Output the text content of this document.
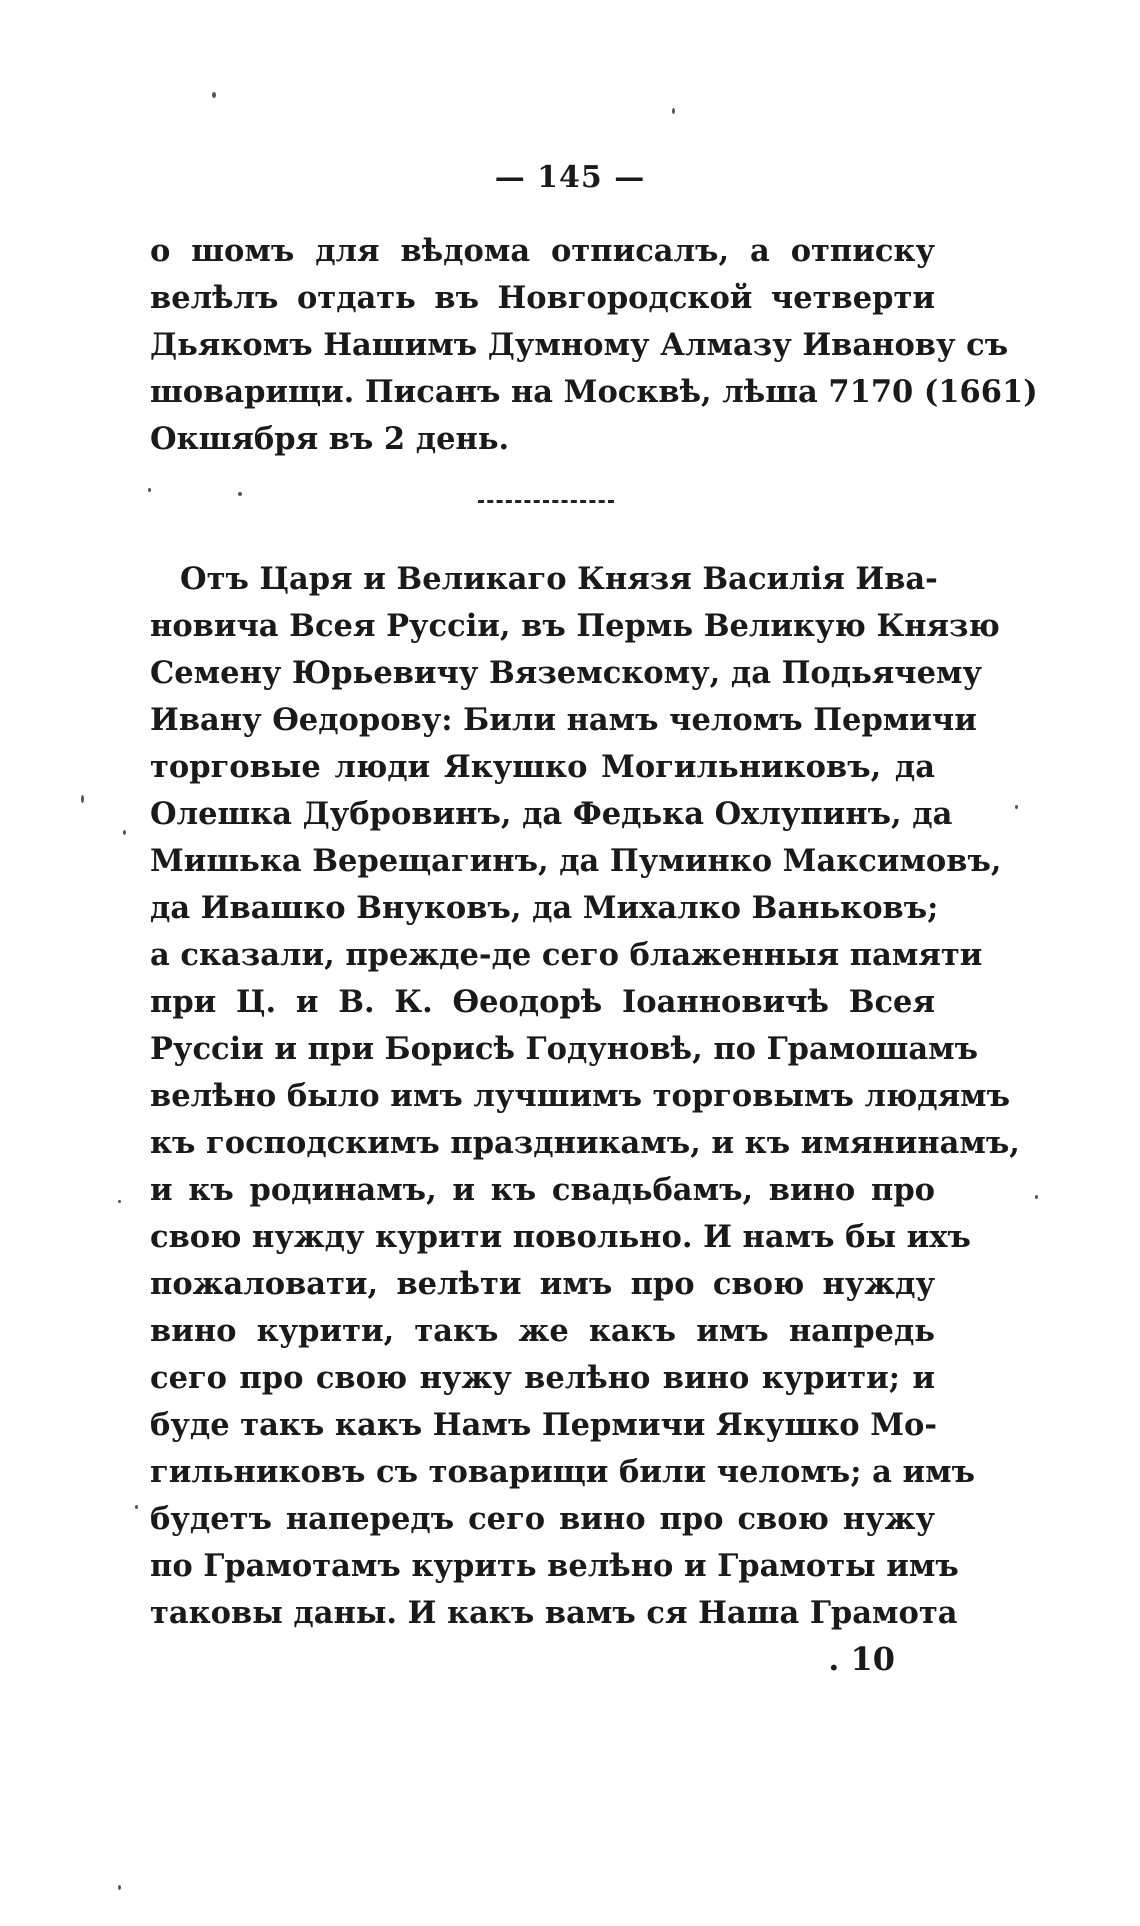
— 145 —
о шомъ для вѣдома отписалъ, а отписку
велѣлъ отдать въ Новгородской четверти
Дьякомъ Нашимъ Думному Алмазу Иванову съ
шоварищи. Писанъ на Москвѣ, лѣша 7170 (1661)
Окшября въ 2 день.
Отъ Царя и Великаго Князя Василія Ива-
новича Всея Руссіи, въ Пермь Великую Князю
Семену Юрьевичу Вяземскому, да Подьячему
Ивану Ѳедорову: Били намъ челомъ Пермичи
торговые люди Якушко Могильниковъ, да
Олешка Дубровинъ, да Федька Охлупинъ, да
Мишька Верещагинъ, да Пуминко Максимовъ,
да Ивашко Внуковъ, да Михалко Ваньковъ;
а сказали, прежде-де сего блаженныя памяти
при Ц. и В. К. Ѳеодорѣ Іоанновичѣ Всея
Руссіи и при Борисѣ Годуновѣ, по Грамошамъ
велѣно было имъ лучшимъ торговымъ людямъ
къ господскимъ праздникамъ, и къ имянинамъ,
и къ родинамъ, и къ свадьбамъ, вино про
свою нужду курити повольно. И намъ бы ихъ
пожаловати, велѣти имъ про свою нужду
вино курити, такъ же какъ имъ напредь
сего про свою нужу велѣно вино курити; и
буде такъ какъ Намъ Пермичи Якушко Мо-
гильниковъ съ товарищи били челомъ; а имъ
будетъ напередъ сего вино про свою нужу
по Грамотамъ курить велѣно и Грамоты имъ
таковы даны. И какъ вамъ ся Наша Грамота
. 10
